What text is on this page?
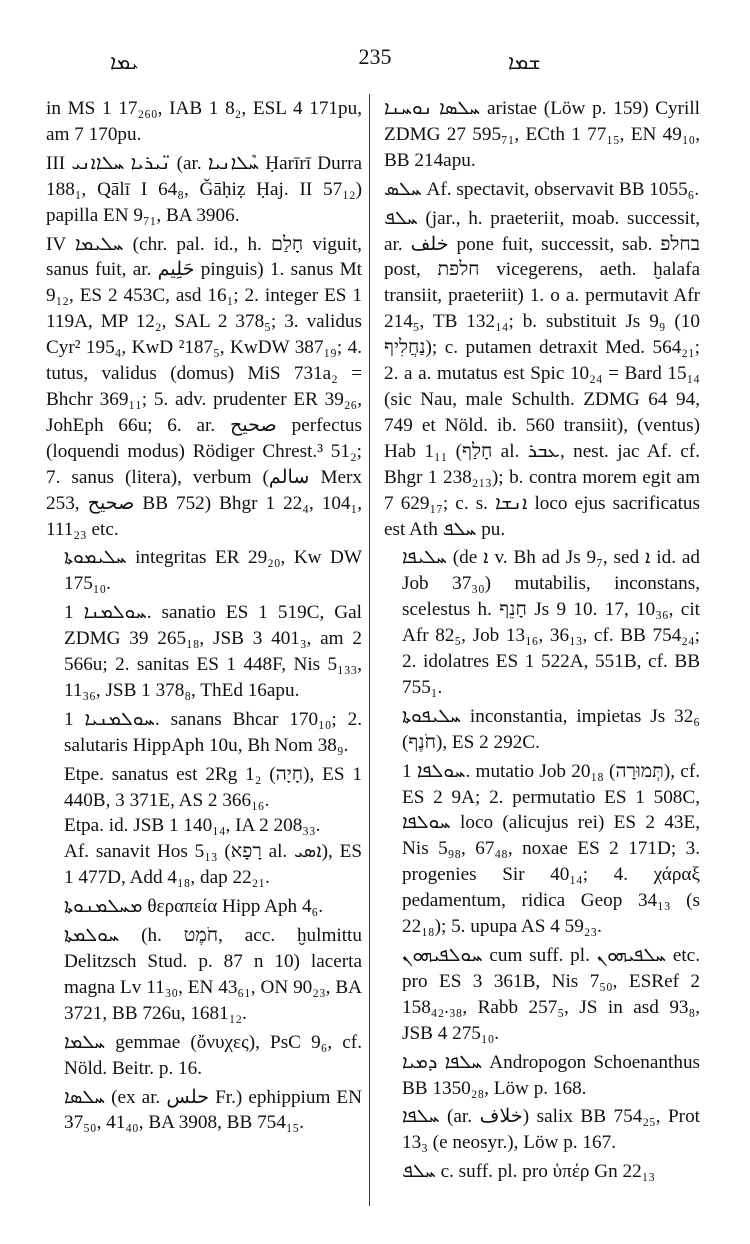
ܝܡܐ	235	ܫܡܐ

in MS 1 17₂₆₀, IAB 1 8₂, ESL 4 171pu, am 7 170pu.

III ܢ̈ܝܪܝܐ ܚܠܐܐܢܝ (ar. ܚܶܠܐܢܝܐ Ḥarīrī Durra 188₁, Qālī I 64₈, Ǧāḥiẓ Ḥaj. II 57₁₂) papilla EN 9₇₁, BA 3906.

IV ܚܠܝܡܐ (chr. pal. id., h. חָלַם viguit, sanus fuit, ar. حَلِيم pinguis) 1. sanus Mt 9₁₂, ES 2 453C, asd 16₁; 2. integer ES 1 119A, MP 12₂, SAL 2 378₅; 3. validus Cyr² 195₄, KwD ²187₅, KwDW 387₁₉; 4. tutus, validus (domus) MiS 731a₂ = Bhchr 369₁₁; 5. adv. prudenter ER 39₂₆, JohEph 66u; 6. ar. صحيح perfectus (loquendi modus) Rödiger Chrest.³ 51₂; 7. sanus (litera), verbum (سالم Merx 253, صحيح BB 752) Bhgr 1 22₄, 104₁, 111₂₃ etc.

ܚܠܝܡܘܬܐ integritas ER 29₂₀, Kw DW 175₁₀.

ܚܘܠܡܢܐ 1. sanatio ES 1 519C, Gal ZDMG 39 265₁₈, JSB 3 401₃, am 2 566u; 2. sanitas ES 1 448F, Nis 5₁₃₃, 11₃₆, JSB 1 378₈, ThEd 16apu.

ܚܘܠܡܢܝܐ 1. sanans Bhcar 170₁₀; 2. salutaris HippAph 10u, Bh Nom 38₉.

Etpe. sanatus est 2Rg 1₂ (חָיָה), ES 1 440B, 3 371E, AS 2 366₁₆.

Etpa. id. JSB 1 140₁₄, IA 2 208₃₃.

Af. sanavit Hos 5₁₃ (רָפָא al. ܐܣܝ), ES 1 477D, Add 4₁₈, dap 22₂₁.

ܡܚܠܡܢܘܬܐ θεραπεία Hipp Aph 4₆.

ܚܘܠܡܬܐ (h. חֹמֶט, acc. ḫulmittu Delitzsch Stud. p. 87 n 10) lacerta magna Lv 11₃₀, EN 43₆₁, ON 90₂₃, BA 3721, BB 726u, 1681₁₂.

ܚܠܡܐ gemmae (ὄνυχες), PsC 9₆, cf. Nöld. Beitr. p. 16.

ܚܠܣܐ (ex ar. حلس Fr.) ephippium EN 37₅₀, 41₄₀, BA 3908, BB 754₁₅.

ܚܠܣܐ ܢܘܚܢܐ aristae (Löw p. 159) Cyrill ZDMG 27 595₇₁, ECth 1 77₁₅, EN 49₁₀, BB 214apu.

ܚܠܣ Af. spectavit, observavit BB 1055₆.

ܚܠܦ (jar., h. praeteriit, moab. successit, ar. خلف pone fuit, successit, sab. בחלפ post, חלפת vicegerens, aeth. ḫalafa transiit, praeteriit) 1. o a. permutavit Afr 214₅, TB 132₁₄; b. substituit Js 9₉ (10 נַחֲלִיף); c. putamen detraxit Med. 564₂₁; 2. a a. mutatus est Spic 10₂₄ = Bard 15₁₄ (sic Nau, male Schulth. ZDMG 64 94, 749 et Nöld. ib. 560 transiit), (ventus) Hab 1₁₁ (חָלַף al. ܥܒܪ, nest. jac Af. cf. Bhgr 1 238₂₁₃); b. contra morem egit am 7 629₁₇; c. s. ܐܢܫܐ loco ejus sacrificatus est Ath ܚܠܦ pu.

ܚܠܝܦܐ (de ܐ v. Bh ad Js 9₇, sed ܐ id. ad Job 37₃₀) mutabilis, inconstans, scelestus h. חָנֵף Js 9 10. 17, 10₃₆, cit Afr 82₅, Job 13₁₆, 36₁₃, cf. BB 754₂₄; 2. idolatres ES 1 522A, 551B, cf. BB 755₁.

ܚܠܝܦܘܬܐ inconstantia, impietas Js 32₆ (חֹנֶף), ES 2 292C.

ܚܘܠܦܐ 1. mutatio Job 20₁₈ (תְּמוּרָה), cf. ES 2 9A; 2. permutatio ES 1 508C, ܚܘܠܦܐ loco (alicujus rei) ES 2 43E, Nis 5₉₈, 67₄₈, noxae ES 2 171D; 3. progenies Sir 40₁₄; 4. χάραξ pedamentum, ridica Geop 34₁₃ (s 22₁₈); 5. upupa AS 4 59₂₃.

ܚܘܠܦܝܗܘܢ cum suff. pl. ܚܠܦܝܗܘܢ etc. pro ES 3 361B, Nis 7₅₀, ESRef 2 158₄₂.₃₈, Rabb 257₅, JS in asd 93₈, JSB 4 275₁₀.

ܚܠܦܐ ܕܡܝܐ Andropogon Schoenanthus BB 1350₂₈, Löw p. 168.

ܚܠܦܐ (ar. خلاف) salix BB 754₂₅, Prot 13₃ (e neosyr.), Löw p. 167.

ܚܠܦ c. suff. pl. pro ὑπέρ Gn 22₁₃
